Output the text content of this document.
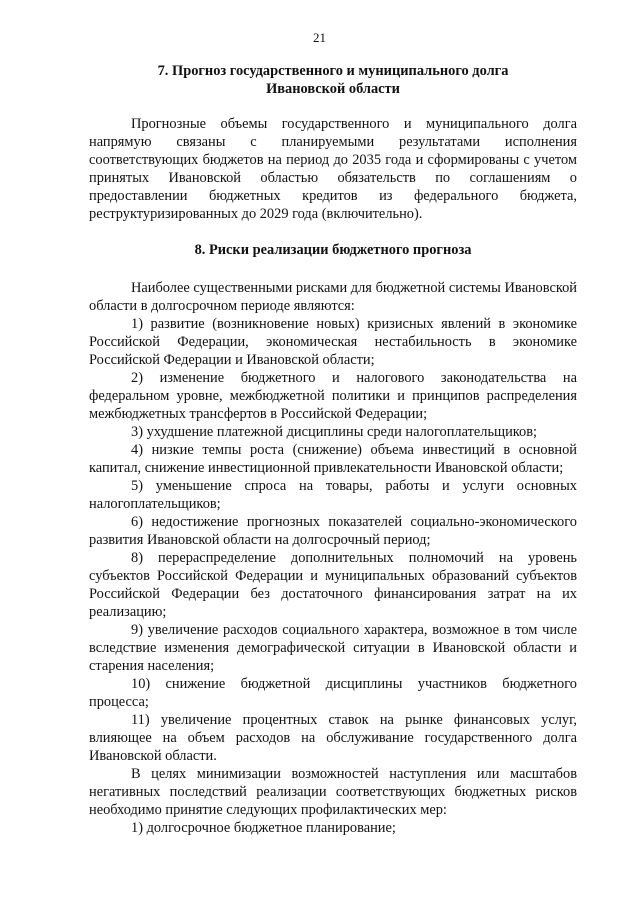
21
7. Прогноз государственного и муниципального долга
Ивановской области

Прогнозные объемы государственного и муниципального долга напрямую связаны с планируемыми результатами исполнения соответствующих бюджетов на период до 2035 года и сформированы с учетом принятых Ивановской областью обязательств по соглашениям о предоставлении бюджетных кредитов из федерального бюджета, реструктуризированных до 2029 года (включительно).

8. Риски реализации бюджетного прогноза

Наиболее существенными рисками для бюджетной системы Ивановской области в долгосрочном периоде являются:

1) развитие (возникновение новых) кризисных явлений в экономике Российской Федерации, экономическая нестабильность в экономике Российской Федерации и Ивановской области;

2) изменение бюджетного и налогового законодательства на федеральном уровне, межбюджетной политики и принципов распределения межбюджетных трансфертов в Российской Федерации;

3) ухудшение платежной дисциплины среди налогоплательщиков;

4) низкие темпы роста (снижение) объема инвестиций в основной капитал, снижение инвестиционной привлекательности Ивановской области;

5) уменьшение спроса на товары, работы и услуги основных налогоплательщиков;

6) недостижение прогнозных показателей социально-экономического развития Ивановской области на долгосрочный период;

8) перераспределение дополнительных полномочий на уровень субъектов Российской Федерации и муниципальных образований субъектов Российской Федерации без достаточного финансирования затрат на их реализацию;

9) увеличение расходов социального характера, возможное в том числе вследствие изменения демографической ситуации в Ивановской области и старения населения;

10) снижение бюджетной дисциплины участников бюджетного процесса;

11) увеличение процентных ставок на рынке финансовых услуг, влияющее на объем расходов на обслуживание государственного долга Ивановской области.

В целях минимизации возможностей наступления или масштабов негативных последствий реализации соответствующих бюджетных рисков необходимо принятие следующих профилактических мер:

1) долгосрочное бюджетное планирование;
